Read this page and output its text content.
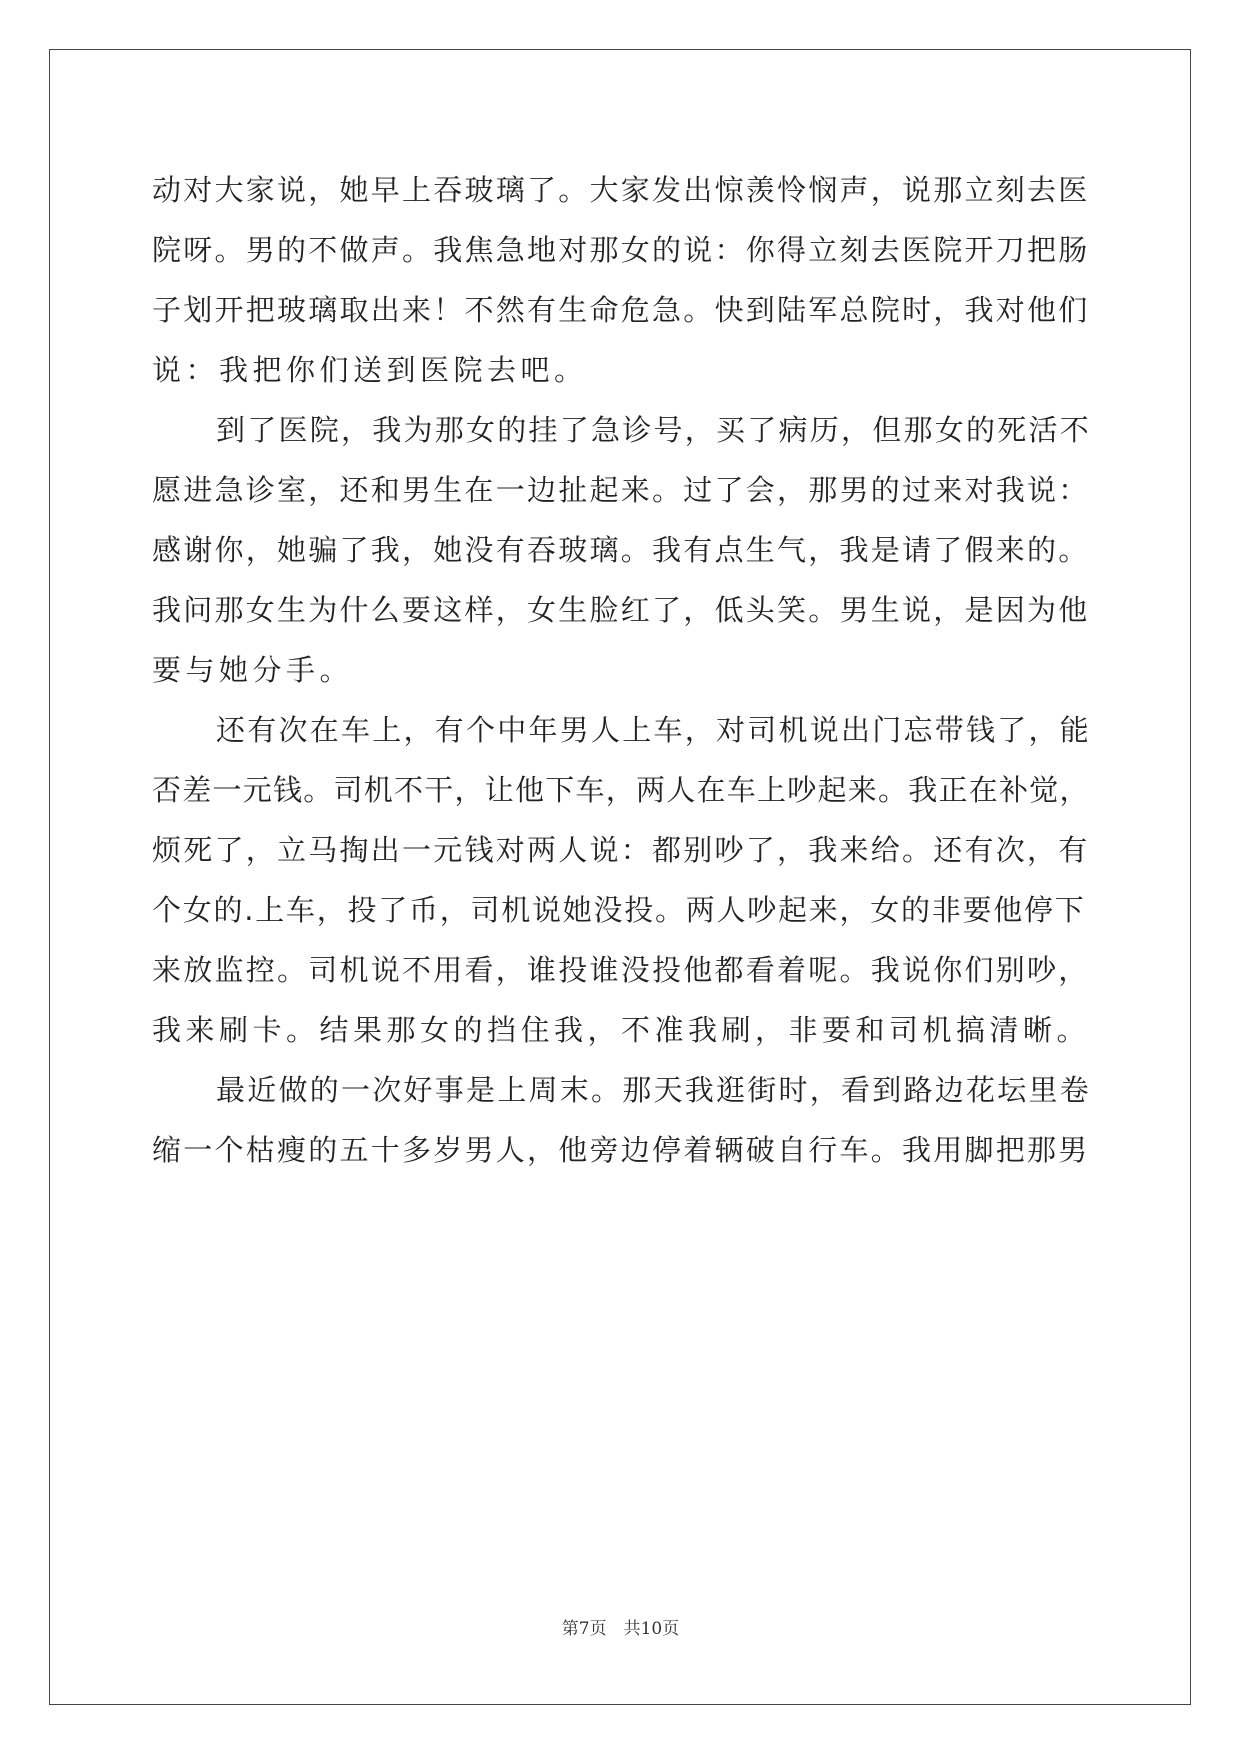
动对大家说，她早上吞玻璃了。大家发出惊羡怜悯声，说那立刻去医
院呀。男的不做声。我焦急地对那女的说：你得立刻去医院开刀把肠
子划开把玻璃取出来！不然有生命危急。快到陆军总院时，我对他们
说：我把你们送到医院去吧。
到了医院，我为那女的挂了急诊号，买了病历，但那女的死活不
愿进急诊室，还和男生在一边扯起来。过了会，那男的过来对我说：
感谢你，她骗了我，她没有吞玻璃。我有点生气，我是请了假来的。
我问那女生为什么要这样，女生脸红了，低头笑。男生说，是因为他
要与她分手。
还有次在车上，有个中年男人上车，对司机说出门忘带钱了，能
否差一元钱。司机不干，让他下车，两人在车上吵起来。我正在补觉，
烦死了，立马掏出一元钱对两人说：都别吵了，我来给。还有次，有
个女的.上车，投了币，司机说她没投。两人吵起来，女的非要他停下
来放监控。司机说不用看，谁投谁没投他都看着呢。我说你们别吵，
我来刷卡。结果那女的挡住我，不准我刷，非要和司机搞清晰。
最近做的一次好事是上周末。那天我逛街时，看到路边花坛里卷
缩一个枯瘦的五十多岁男人，他旁边停着辆破自行车。我用脚把那男
第7页　共10页
